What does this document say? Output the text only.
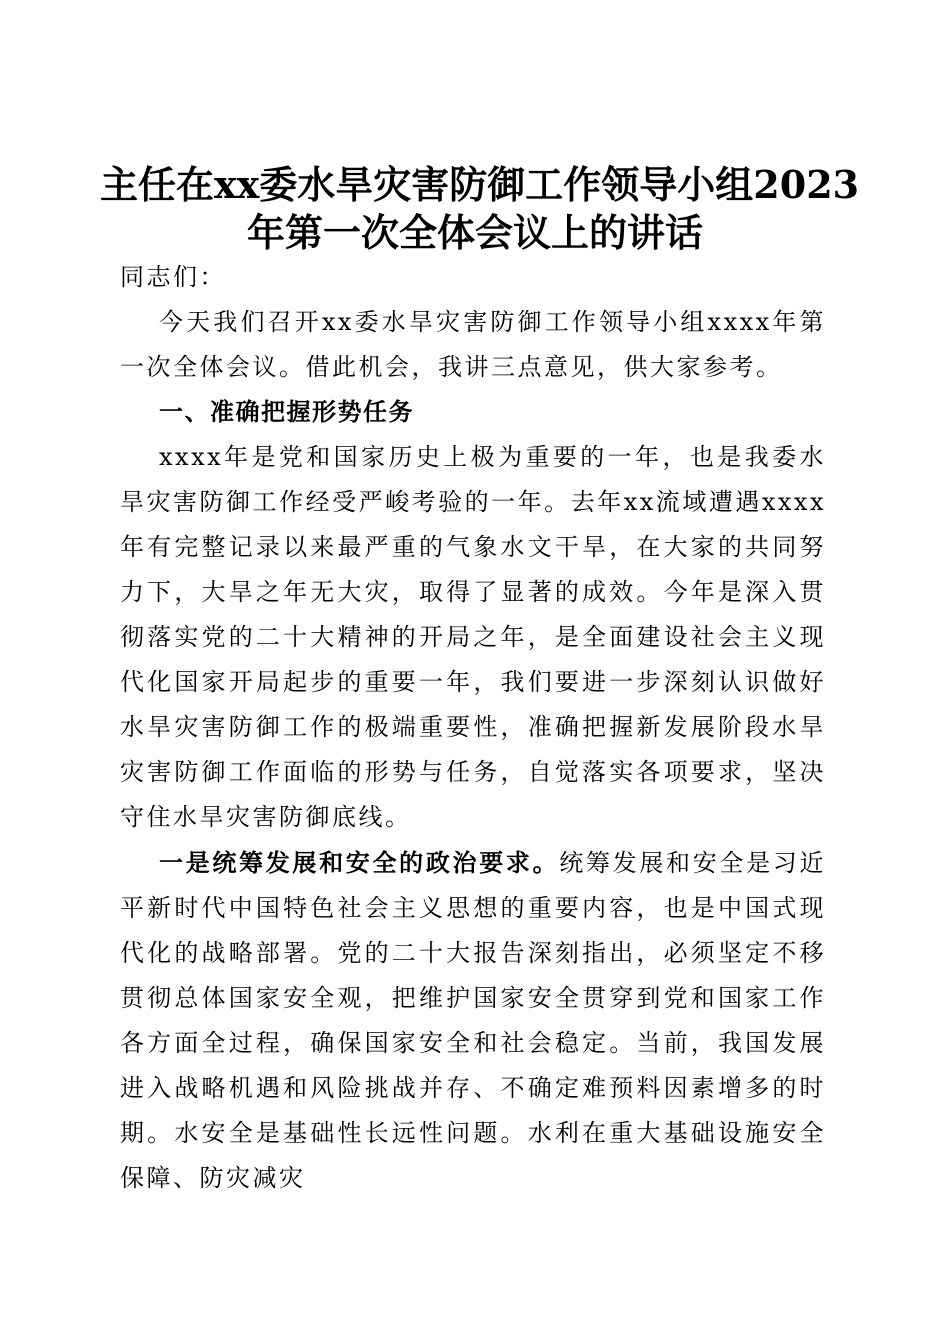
主任在xx委水旱灾害防御工作领导小组2023
年第一次全体会议上的讲话

同志们：

今天我们召开xx委水旱灾害防御工作领导小组xxxx年第一次全体会议。借此机会，我讲三点意见，供大家参考。

一、准确把握形势任务

xxxx年是党和国家历史上极为重要的一年，也是我委水旱灾害防御工作经受严峻考验的一年。去年xx流域遭遇xxxx年有完整记录以来最严重的气象水文干旱，在大家的共同努力下，大旱之年无大灾，取得了显著的成效。今年是深入贯彻落实党的二十大精神的开局之年，是全面建设社会主义现代化国家开局起步的重要一年，我们要进一步深刻认识做好水旱灾害防御工作的极端重要性，准确把握新发展阶段水旱灾害防御工作面临的形势与任务，自觉落实各项要求，坚决守住水旱灾害防御底线。

一是统筹发展和安全的政治要求。统筹发展和安全是习近平新时代中国特色社会主义思想的重要内容，也是中国式现代化的战略部署。党的二十大报告深刻指出，必须坚定不移贯彻总体国家安全观，把维护国家安全贯穿到党和国家工作各方面全过程，确保国家安全和社会稳定。当前，我国发展进入战略机遇和风险挑战并存、不确定难预料因素增多的时期。水安全是基础性长远性问题。水利在重大基础设施安全保障、防灾减灾
